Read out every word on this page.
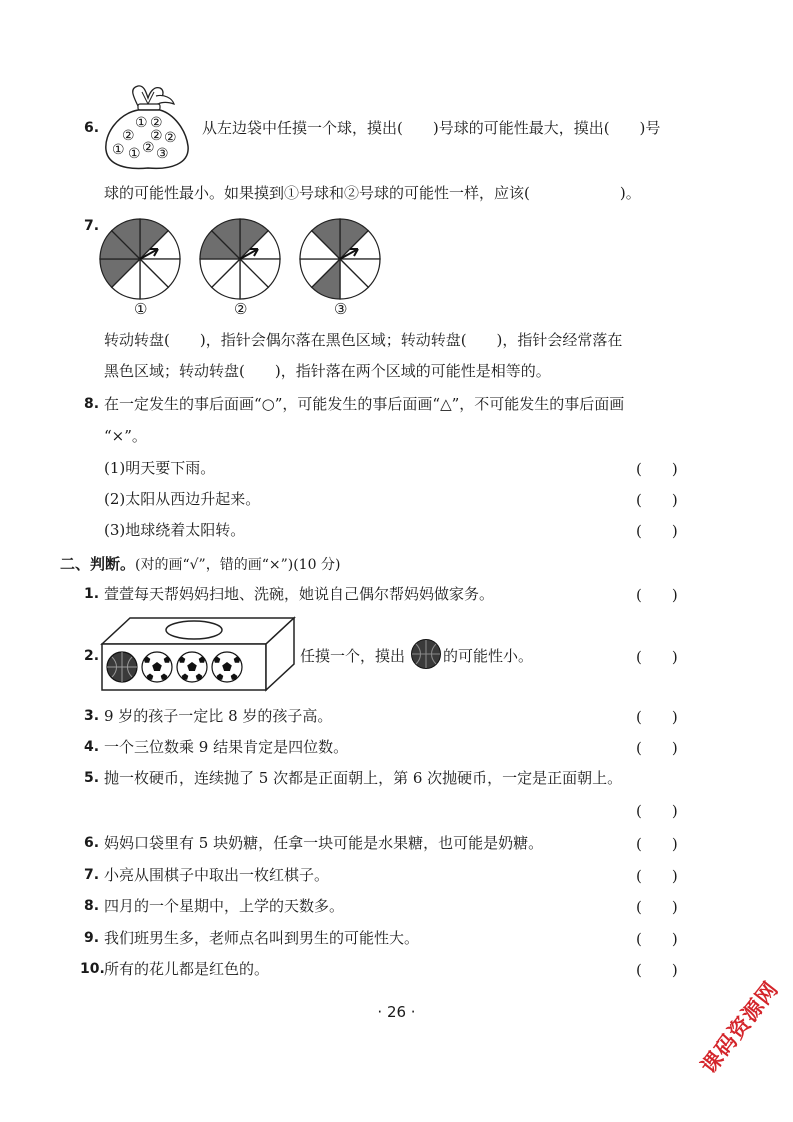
6.	① ②
② ② ②
① ① ② ③
从左边袋中任摸一个球，摸出(　　)号球的可能性最大，摸出(　　)号
球的可能性最小。如果摸到①号球和②号球的可能性一样，应该(　　　　　　)。
7.
①	②	③
转动转盘(　　)，指针会偶尔落在黑色区域；转动转盘(　　)，指针会经常落在
黑色区域；转动转盘(　　)，指针落在两个区域的可能性是相等的。
8. 在一定发生的事后面画“○”，可能发生的事后面画“△”，不可能发生的事后面画
“×”。
(1)明天要下雨。	(　　)
(2)太阳从西边升起来。	(　　)
(3)地球绕着太阳转。	(　　)
二、判断。(对的画“√”，错的画“×”)(10 分)
1. 萱萱每天帮妈妈扫地、洗碗，她说自己偶尔帮妈妈做家务。	(　　)
2.	任摸一个，摸出	的可能性小。	(　　)
3. 9 岁的孩子一定比 8 岁的孩子高。	(　　)
4. 一个三位数乘 9 结果肯定是四位数。	(　　)
5. 抛一枚硬币，连续抛了 5 次都是正面朝上，第 6 次抛硬币，一定是正面朝上。
(　　)
6. 妈妈口袋里有 5 块奶糖，任拿一块可能是水果糖，也可能是奶糖。	(　　)
7. 小亮从围棋子中取出一枚红棋子。	(　　)
8. 四月的一个星期中，上学的天数多。	(　　)
9. 我们班男生多，老师点名叫到男生的可能性大。	(　　)
10. 所有的花儿都是红色的。	(　　)
· 26 ·	课码资源网
